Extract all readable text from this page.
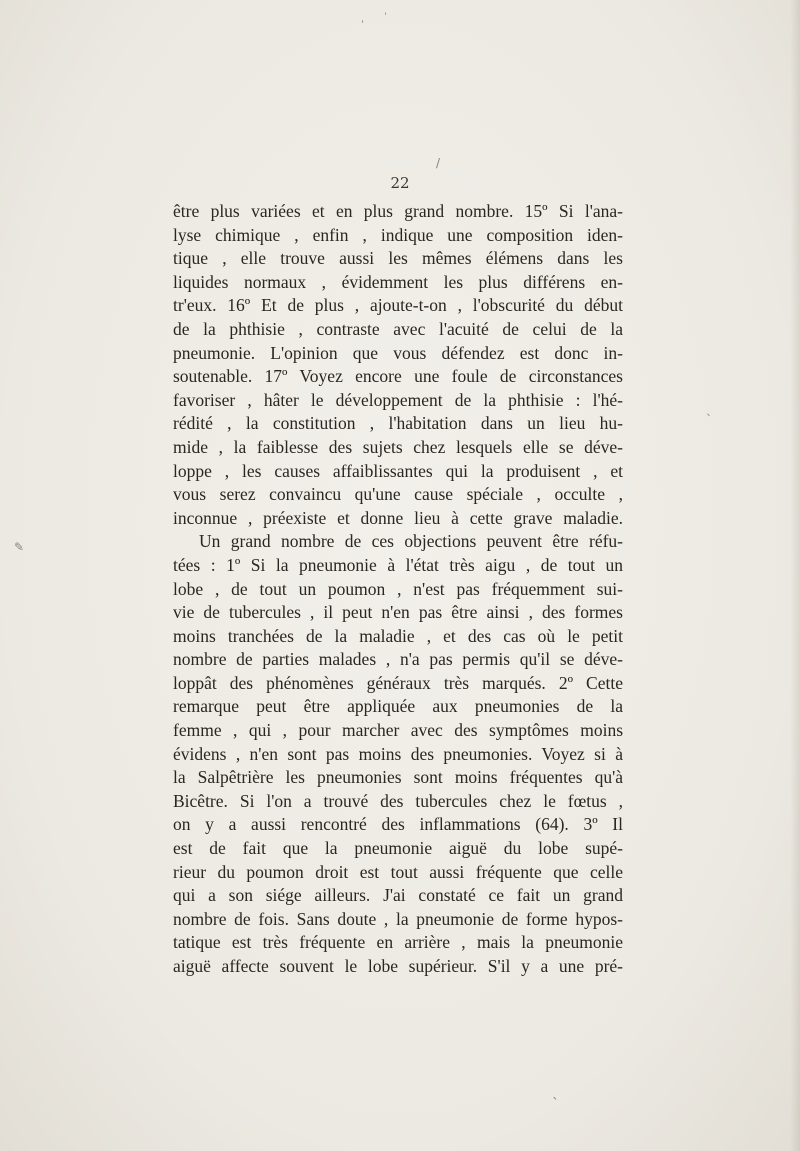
ˈ
ˈ
/
✎
ˎ
ˎ
22
être plus variées et en plus grand nombre. 15º Si l'ana-
lyse chimique , enfin , indique une composition iden-
tique , elle trouve aussi les mêmes élémens dans les
liquides normaux , évidemment les plus différens en-
tr'eux. 16º Et de plus , ajoute-t-on , l'obscurité du début
de la phthisie , contraste avec l'acuité de celui de la
pneumonie. L'opinion que vous défendez est donc in-
soutenable. 17º Voyez encore une foule de circonstances
favoriser , hâter le développement de la phthisie : l'hé-
rédité , la constitution , l'habitation dans un lieu hu-
mide , la faiblesse des sujets chez lesquels elle se déve-
loppe , les causes affaiblissantes qui la produisent , et
vous serez convaincu qu'une cause spéciale , occulte ,
inconnue , préexiste et donne lieu à cette grave maladie.
Un grand nombre de ces objections peuvent être réfu-
tées : 1º Si la pneumonie à l'état très aigu , de tout un
lobe , de tout un poumon , n'est pas fréquemment sui-
vie de tubercules , il peut n'en pas être ainsi , des formes
moins tranchées de la maladie , et des cas où le petit
nombre de parties malades , n'a pas permis qu'il se déve-
loppât des phénomènes généraux très marqués. 2º Cette
remarque peut être appliquée aux pneumonies de la
femme , qui , pour marcher avec des symptômes moins
évidens , n'en sont pas moins des pneumonies. Voyez si à
la Salpêtrière les pneumonies sont moins fréquentes qu'à
Bicêtre. Si l'on a trouvé des tubercules chez le fœtus ,
on y a aussi rencontré des inflammations (64). 3º Il
est de fait que la pneumonie aiguë du lobe supé-
rieur du poumon droit est tout aussi fréquente que celle
qui a son siége ailleurs. J'ai constaté ce fait un grand
nombre de fois. Sans doute , la pneumonie de forme hypos-
tatique est très fréquente en arrière , mais la pneumonie
aiguë affecte souvent le lobe supérieur. S'il y a une pré-
